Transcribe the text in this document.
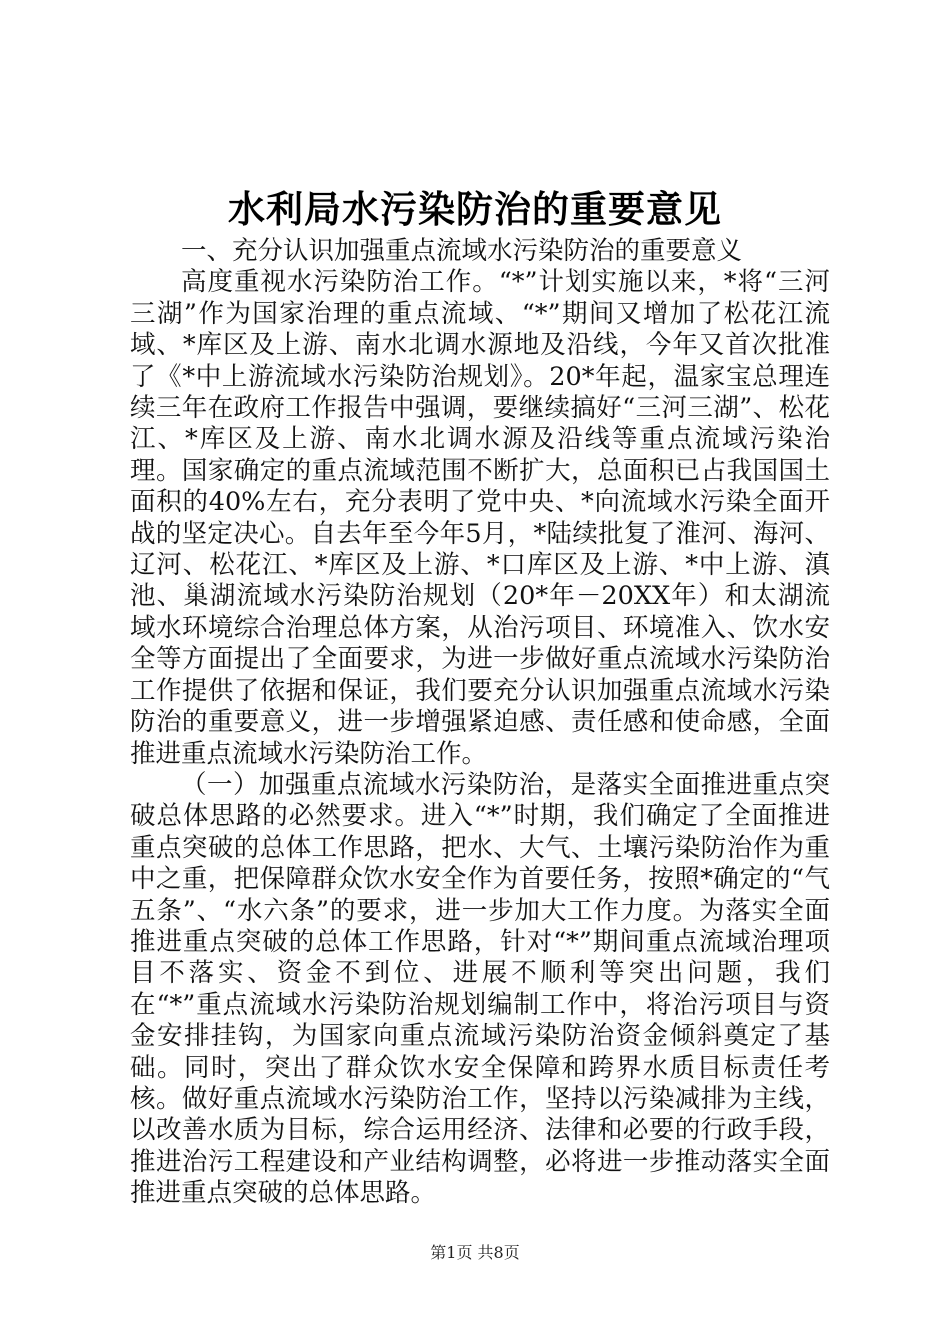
水利局水污染防治的重要意见

一、充分认识加强重点流域水污染防治的重要意义

高度重视水污染防治工作。“*”计划实施以来，*将“三河三湖”作为国家治理的重点流域、“*”期间又增加了松花江流域、*库区及上游、南水北调水源地及沿线，今年又首次批准了《*中上游流域水污染防治规划》。20*年起，温家宝总理连续三年在政府工作报告中强调，要继续搞好“三河三湖”、松花江、*库区及上游、南水北调水源及沿线等重点流域污染治理。国家确定的重点流域范围不断扩大，总面积已占我国国土面积的40%左右，充分表明了党中央、*向流域水污染全面开战的坚定决心。自去年至今年5月，*陆续批复了淮河、海河、辽河、松花江、*库区及上游、*口库区及上游、*中上游、滇池、巢湖流域水污染防治规划（20*年－20XX年）和太湖流域水环境综合治理总体方案，从治污项目、环境准入、饮水安全等方面提出了全面要求，为进一步做好重点流域水污染防治工作提供了依据和保证，我们要充分认识加强重点流域水污染防治的重要意义，进一步增强紧迫感、责任感和使命感，全面推进重点流域水污染防治工作。

（一）加强重点流域水污染防治，是落实全面推进重点突破总体思路的必然要求。进入“*”时期，我们确定了全面推进重点突破的总体工作思路，把水、大气、土壤污染防治作为重中之重，把保障群众饮水安全作为首要任务，按照*确定的“气五条”、“水六条”的要求，进一步加大工作力度。为落实全面推进重点突破的总体工作思路，针对“*”期间重点流域治理项目不落实、资金不到位、进展不顺利等突出问题，我们在“*”重点流域水污染防治规划编制工作中，将治污项目与资金安排挂钩，为国家向重点流域污染防治资金倾斜奠定了基础。同时，突出了群众饮水安全保障和跨界水质目标责任考核。做好重点流域水污染防治工作，坚持以污染减排为主线，以改善水质为目标，综合运用经济、法律和必要的行政手段，推进治污工程建设和产业结构调整，必将进一步推动落实全面推进重点突破的总体思路。

第1页 共8页
